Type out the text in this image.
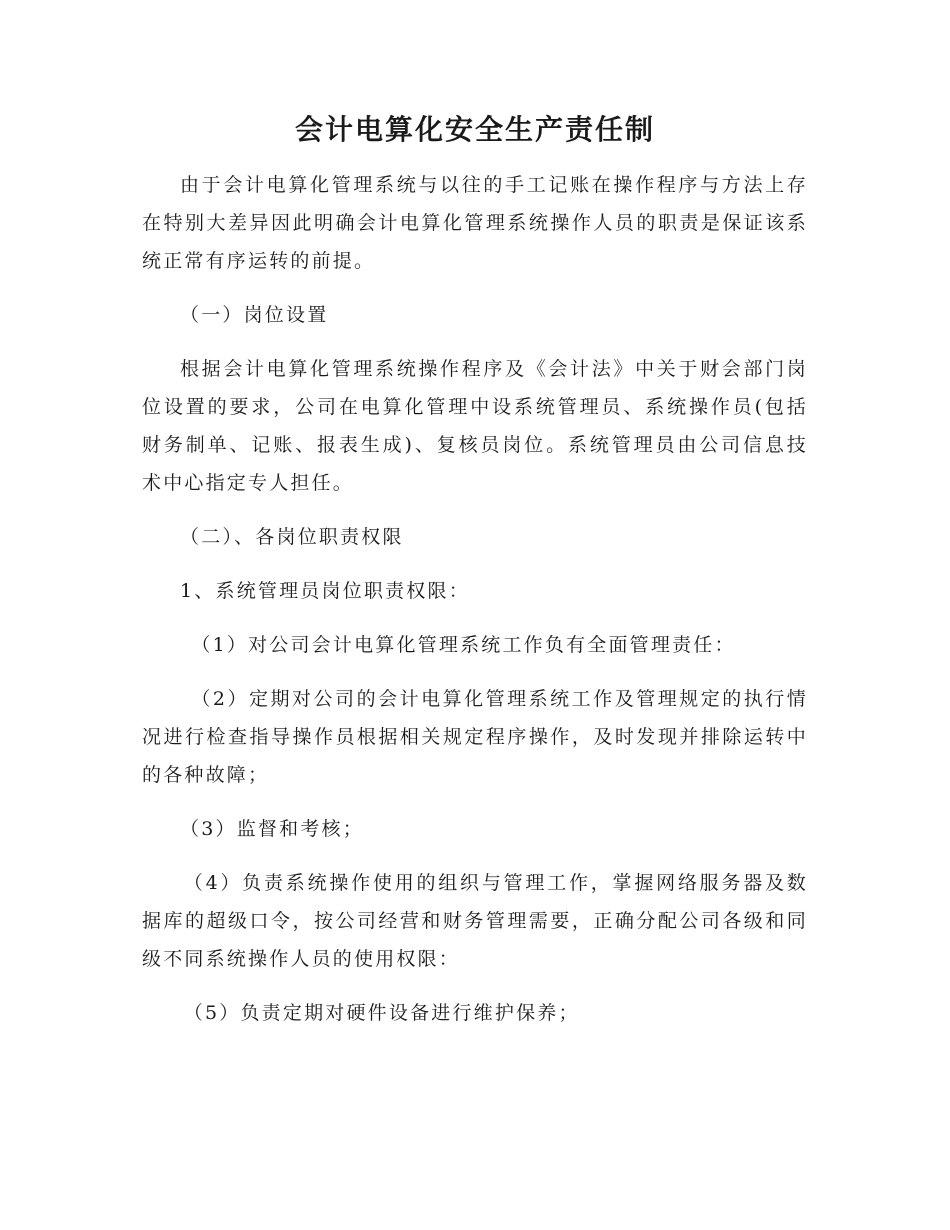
会计电算化安全生产责任制

由于会计电算化管理系统与以往的手工记账在操作程序与方法上存在特别大差异因此明确会计电算化管理系统操作人员的职责是保证该系统正常有序运转的前提。

（一）岗位设置

根据会计电算化管理系统操作程序及《会计法》中关于财会部门岗位设置的要求，公司在电算化管理中设系统管理员、系统操作员(包括财务制单、记账、报表生成)、复核员岗位。系统管理员由公司信息技术中心指定专人担任。

（二）、各岗位职责权限

1、系统管理员岗位职责权限：

（1）对公司会计电算化管理系统工作负有全面管理责任：

（2）定期对公司的会计电算化管理系统工作及管理规定的执行情况进行检查指导操作员根据相关规定程序操作，及时发现并排除运转中的各种故障；

（3）监督和考核；

（4）负责系统操作使用的组织与管理工作，掌握网络服务器及数据库的超级口令，按公司经营和财务管理需要，正确分配公司各级和同级不同系统操作人员的使用权限：

（5）负责定期对硬件设备进行维护保养；
